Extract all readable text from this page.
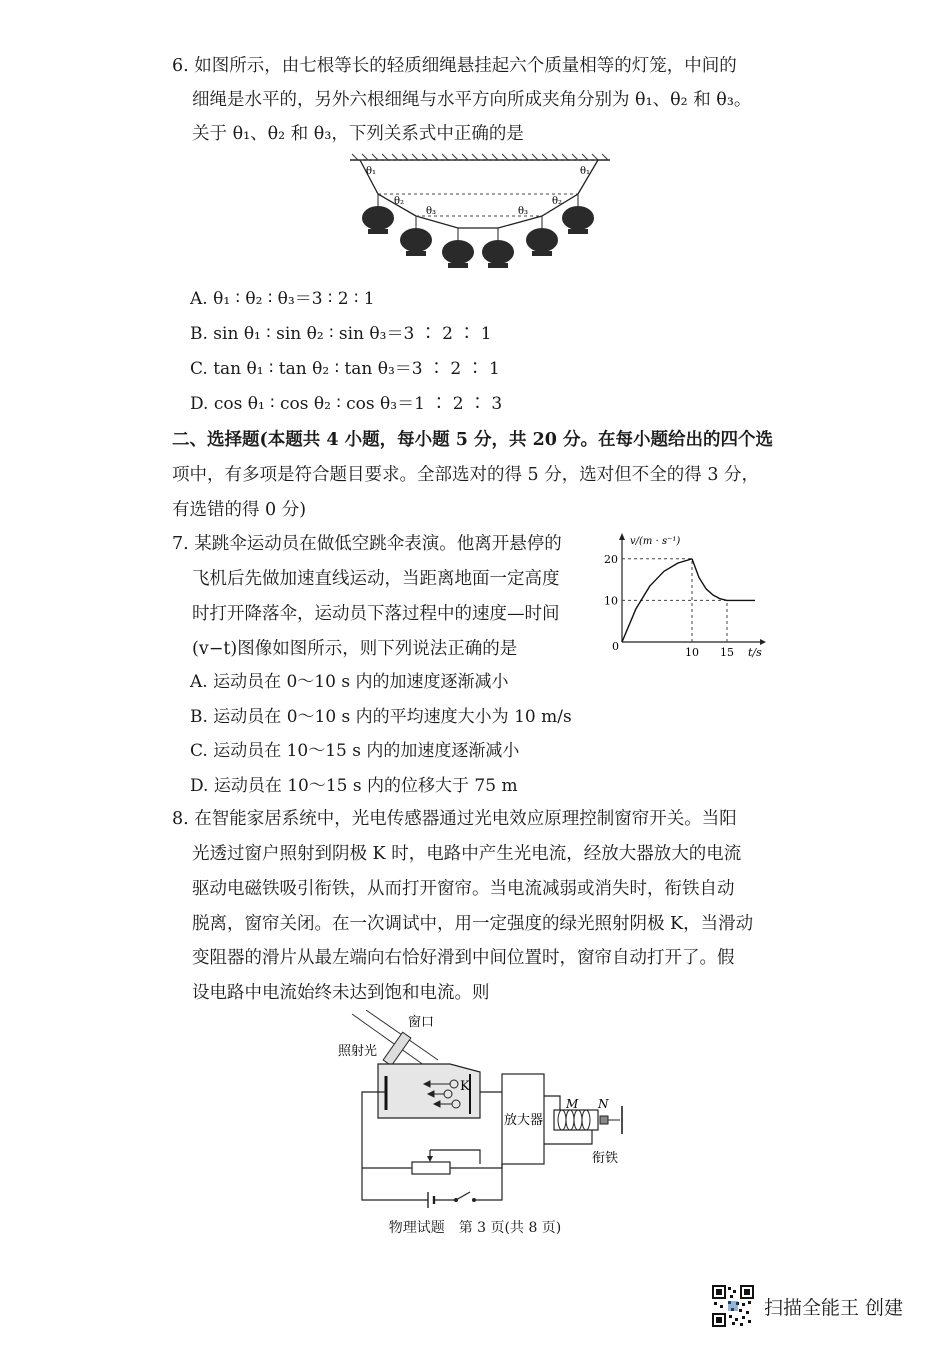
6. 如图所示，由七根等长的轻质细绳悬挂起六个质量相等的灯笼，中间的
细绳是水平的，另外六根细绳与水平方向所成夹角分别为 θ₁、θ₂ 和 θ₃。
关于 θ₁、θ₂ 和 θ₃，下列关系式中正确的是
θ₁	θ₁
θ₂	θ₂
θ₃	θ₃
A. θ₁ ∶ θ₂ ∶ θ₃＝3 ∶ 2 ∶ 1
B. sin θ₁ ∶ sin θ₂ ∶ sin θ₃＝3 ∶ 2 ∶ 1
C. tan θ₁ ∶ tan θ₂ ∶ tan θ₃＝3 ∶ 2 ∶ 1
D. cos θ₁ ∶ cos θ₂ ∶ cos θ₃＝1 ∶ 2 ∶ 3
二、选择题(本题共 4 小题，每小题 5 分，共 20 分。在每小题给出的四个选
项中，有多项是符合题目要求。全部选对的得 5 分，选对但不全的得 3 分，
有选错的得 0 分)
7. 某跳伞运动员在做低空跳伞表演。他离开悬停的
飞机后先做加速直线运动，当距离地面一定高度
时打开降落伞，运动员下落过程中的速度—时间
(v−t)图像如图所示，则下列说法正确的是
v/(m · s⁻¹)
t/s
0
20
10
10 15
A. 运动员在 0～10 s 内的加速度逐渐减小
B. 运动员在 0～10 s 内的平均速度大小为 10 m/s
C. 运动员在 10～15 s 内的加速度逐渐减小
D. 运动员在 10～15 s 内的位移大于 75 m
8. 在智能家居系统中，光电传感器通过光电效应原理控制窗帘开关。当阳
光透过窗户照射到阴极 K 时，电路中产生光电流，经放大器放大的电流
驱动电磁铁吸引衔铁，从而打开窗帘。当电流减弱或消失时，衔铁自动
脱离，窗帘关闭。在一次调试中，用一定强度的绿光照射阴极 K，当滑动
变阻器的滑片从最左端向右恰好滑到中间位置时，窗帘自动打开了。假
设电路中电流始终未达到饱和电流。则
窗口
照射光
K
放大器
M N
衔铁
物理试题　第 3 页(共 8 页)
扫描全能王 创建
